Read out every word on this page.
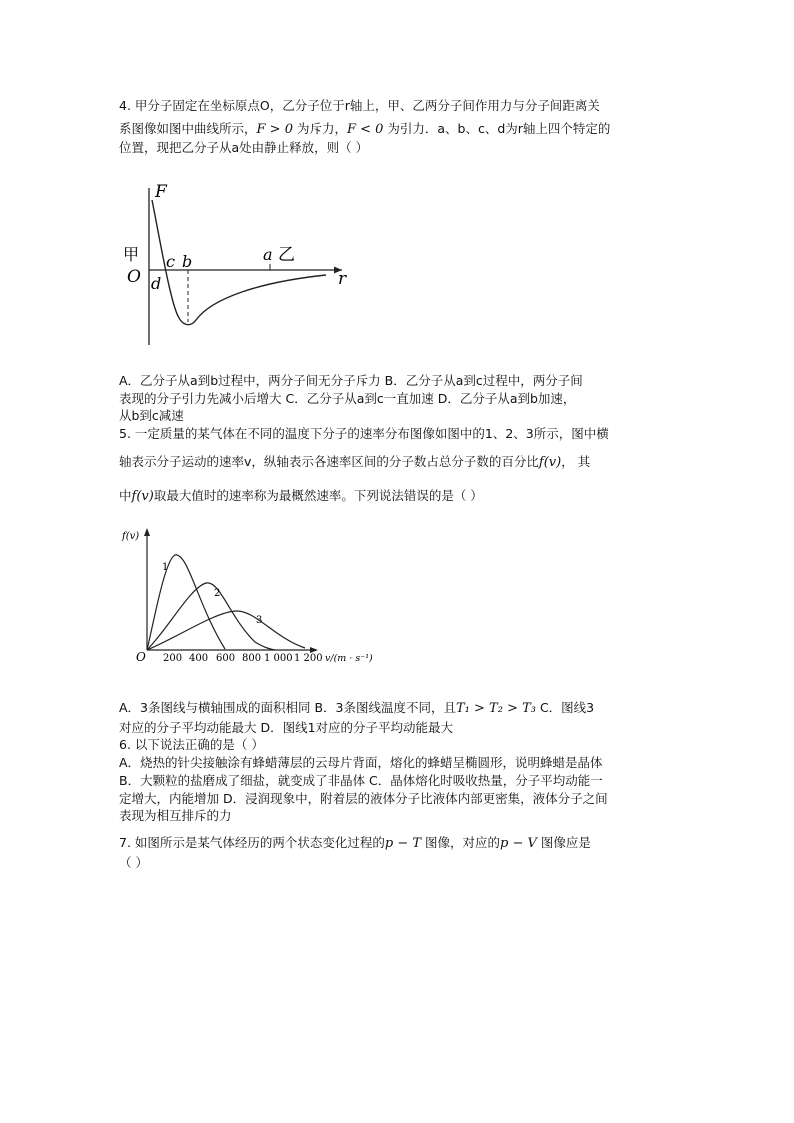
4. 甲分子固定在坐标原点O，乙分子位于r轴上，甲、乙两分子间作用力与分子间距离关

系图像如图中曲线所示，F > 0 为斥力，F < 0 为引力．a、b、c、d为r轴上四个特定的

位置，现把乙分子从a处由静止释放，则（ ）

F
甲
O
c b
d
a 乙
r

A．乙分子从a到b过程中，两分子间无分子斥力 B．乙分子从a到c过程中，两分子间

表现的分子引力先减小后增大 C．乙分子从a到c一直加速 D．乙分子从a到b加速，

从b到c减速

5. 一定质量的某气体在不同的温度下分子的速率分布图像如图中的1、2、3所示，图中横

轴表示分子运动的速率v，纵轴表示各速率区间的分子数占总分子数的百分比f(v)， 其

中f(v)取最大值时的速率称为最概然速率。下列说法错误的是（ ）

f(v)
1
2
3
O 200 400 600 800 1 000 1 200 v/(m · s⁻¹)

A．3条图线与横轴围成的面积相同 B．3条图线温度不同，且T₁ > T₂ > T₃ C．图线3

对应的分子平均动能最大 D．图线1对应的分子平均动能最大

6. 以下说法正确的是（ ）

A．烧热的针尖接触涂有蜂蜡薄层的云母片背面，熔化的蜂蜡呈椭圆形，说明蜂蜡是晶体

B．大颗粒的盐磨成了细盐，就变成了非晶体 C．晶体熔化时吸收热量，分子平均动能一

定增大，内能增加 D．浸润现象中，附着层的液体分子比液体内部更密集，液体分子之间

表现为相互排斥的力

7. 如图所示是某气体经历的两个状态变化过程的p − T 图像，对应的p − V 图像应是

（ ）
